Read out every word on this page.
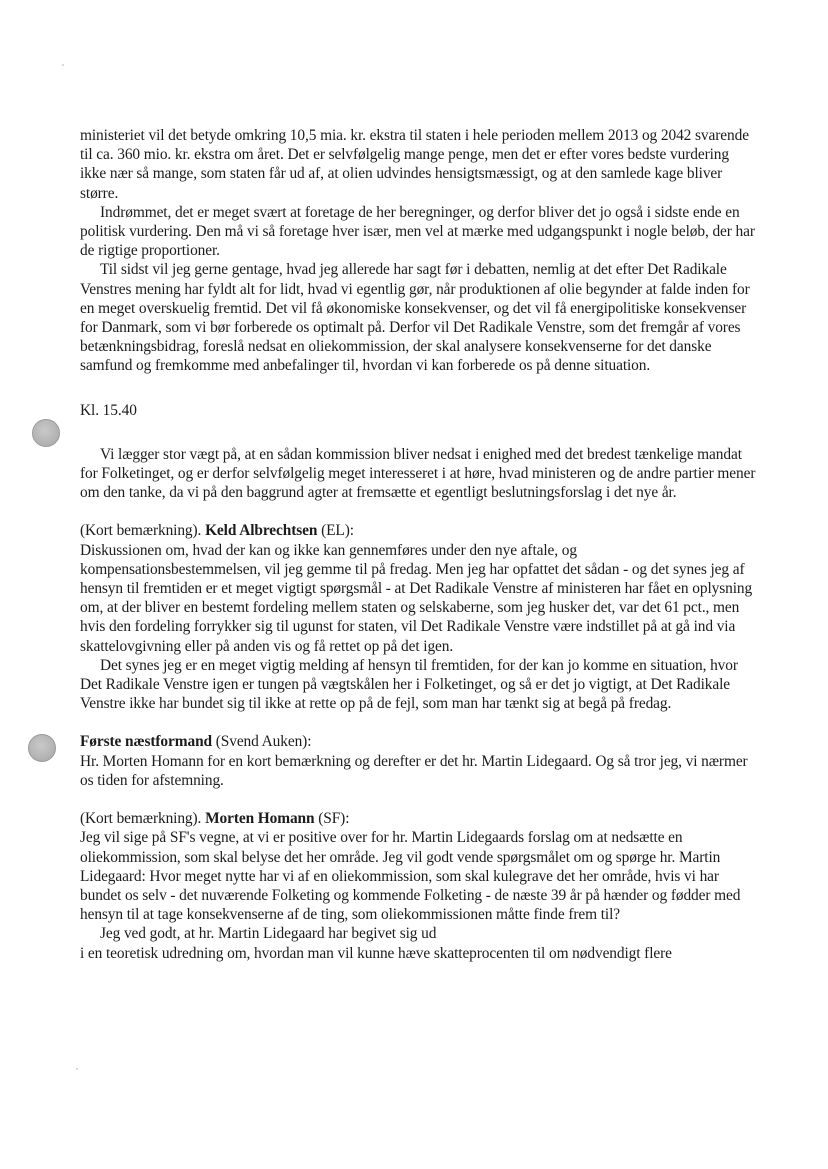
ministeriet vil det betyde omkring 10,5 mia. kr. ekstra til staten i hele perioden mellem 2013 og 2042 svarende til ca. 360 mio. kr. ekstra om året. Det er selvfølgelig mange penge, men det er efter vores bedste vurdering ikke nær så mange, som staten får ud af, at olien udvindes hensigtsmæssigt, og at den samlede kage bliver større.

Indrømmet, det er meget svært at foretage de her beregninger, og derfor bliver det jo også i sidste ende en politisk vurdering. Den må vi så foretage hver især, men vel at mærke med udgangspunkt i nogle beløb, der har de rigtige proportioner.

Til sidst vil jeg gerne gentage, hvad jeg allerede har sagt før i debatten, nemlig at det efter Det Radikale Venstres mening har fyldt alt for lidt, hvad vi egentlig gør, når produktionen af olie begynder at falde inden for en meget overskuelig fremtid. Det vil få økonomiske konsekvenser, og det vil få energipolitiske konsekvenser for Danmark, som vi bør forberede os optimalt på. Derfor vil Det Radikale Venstre, som det fremgår af vores betænkningsbidrag, foreslå nedsat en oliekommission, der skal analysere konsekvenserne for det danske samfund og fremkomme med anbefalinger til, hvordan vi kan forberede os på denne situation.

Kl. 15.40

Vi lægger stor vægt på, at en sådan kommission bliver nedsat i enighed med det bredest tænkelige mandat for Folketinget, og er derfor selvfølgelig meget interesseret i at høre, hvad ministeren og de andre partier mener om den tanke, da vi på den baggrund agter at fremsætte et egentligt beslutningsforslag i det nye år.

(Kort bemærkning). Keld Albrechtsen (EL):

Diskussionen om, hvad der kan og ikke kan gennemføres under den nye aftale, og kompensationsbestemmelsen, vil jeg gemme til på fredag. Men jeg har opfattet det sådan - og det synes jeg af hensyn til fremtiden er et meget vigtigt spørgsmål - at Det Radikale Venstre af ministeren har fået en oplysning om, at der bliver en bestemt fordeling mellem staten og selskaberne, som jeg husker det, var det 61 pct., men hvis den fordeling forrykker sig til ugunst for staten, vil Det Radikale Venstre være indstillet på at gå ind via skattelovgivning eller på anden vis og få rettet op på det igen.

Det synes jeg er en meget vigtig melding af hensyn til fremtiden, for der kan jo komme en situation, hvor Det Radikale Venstre igen er tungen på vægtskålen her i Folketinget, og så er det jo vigtigt, at Det Radikale Venstre ikke har bundet sig til ikke at rette op på de fejl, som man har tænkt sig at begå på fredag.

Første næstformand (Svend Auken):

Hr. Morten Homann for en kort bemærkning og derefter er det hr. Martin Lidegaard. Og så tror jeg, vi nærmer os tiden for afstemning.

(Kort bemærkning). Morten Homann (SF):

Jeg vil sige på SF's vegne, at vi er positive over for hr. Martin Lidegaards forslag om at nedsætte en oliekommission, som skal belyse det her område. Jeg vil godt vende spørgsmålet om og spørge hr. Martin Lidegaard: Hvor meget nytte har vi af en oliekommission, som skal kulegrave det her område, hvis vi har bundet os selv - det nuværende Folketing og kommende Folketing - de næste 39 år på hænder og fødder med hensyn til at tage konsekvenserne af de ting, som oliekommissionen måtte finde frem til?

Jeg ved godt, at hr. Martin Lidegaard har begivet sig ud

i en teoretisk udredning om, hvordan man vil kunne hæve skatteprocenten til om nødvendigt flere
